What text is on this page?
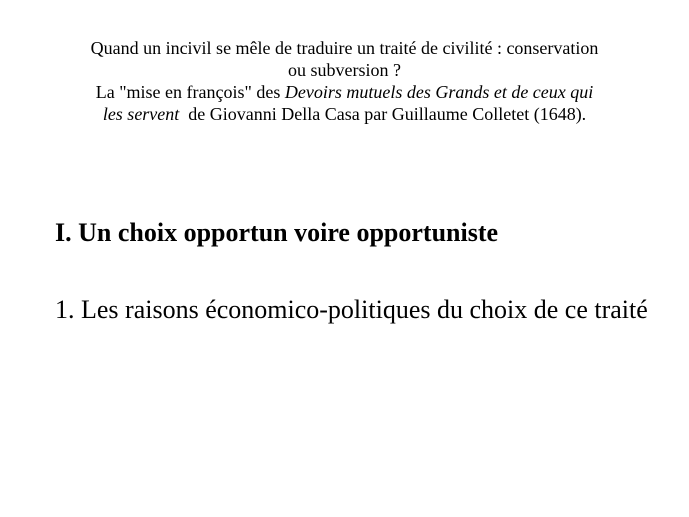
Quand un incivil se mêle de traduire un traité de civilité : conservation
ou subversion ?
La "mise en françois" des Devoirs mutuels des Grands et de ceux qui
les servent  de Giovanni Della Casa par Guillaume Colletet (1648).
I. Un choix opportun voire opportuniste

1. Les raisons économico-politiques du choix de ce traité
